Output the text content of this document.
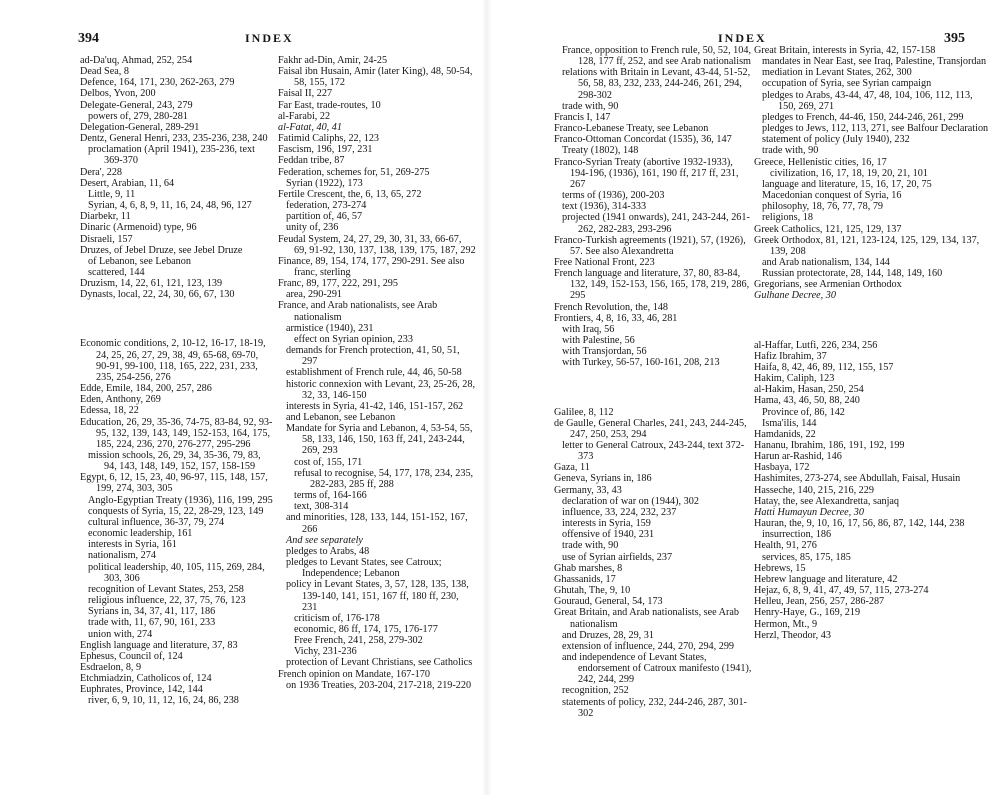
394	INDEX
ad-Da'uq, Ahmad, 252, 254
Dead Sea, 8
Defence, 164, 171, 230, 262-263, 279
Delbos, Yvon, 200
Delegate-General, 243, 279
powers of, 279, 280-281
Delegation-General, 289-291
Dentz, General Henri, 233, 235-236, 238, 240
proclamation (April 1941), 235-236, text 369-370
Dera', 228
Desert, Arabian, 11, 64
Little, 9, 11
Syrian, 4, 6, 8, 9, 11, 16, 24, 48, 96, 127
Diarbekr, 11
Dinaric (Armenoid) type, 96
Disraeli, 157
Druzes, of Jebel Druze, see Jebel Druze
of Lebanon, see Lebanon
scattered, 144
Druzism, 14, 22, 61, 121, 123, 139
Dynasts, local, 22, 24, 30, 66, 67, 130
Economic conditions, 2, 10-12, 16-17, 18-19, 24, 25, 26, 27, 29, 38, 49, 65-68, 69-70, 90-91, 99-100, 118, 165, 222, 231, 233, 235, 254-256, 276
Edde, Emile, 184, 200, 257, 286
Eden, Anthony, 269
Edessa, 18, 22
Education, 26, 29, 35-36, 74-75, 83-84, 92, 93-95, 132, 139, 143, 149, 152-153, 164, 175, 185, 224, 236, 270, 276-277, 295-296
mission schools, 26, 29, 34, 35-36, 79, 83, 94, 143, 148, 149, 152, 157, 158-159
Egypt, 6, 12, 15, 23, 40, 96-97, 115, 148, 157, 199, 274, 303, 305
Anglo-Egyptian Treaty (1936), 116, 199, 295
conquests of Syria, 15, 22, 28-29, 123, 149
cultural influence, 36-37, 79, 274
economic leadership, 161
interests in Syria, 161
nationalism, 274
political leadership, 40, 105, 115, 269, 284, 303, 306
recognition of Levant States, 253, 258
religious influence, 22, 37, 75, 76, 123
Syrians in, 34, 37, 41, 117, 186
trade with, 11, 67, 90, 161, 233
union with, 274
English language and literature, 37, 83
Ephesus, Council of, 124
Esdraelon, 8, 9
Etchmiadzin, Catholicos of, 124
Euphrates, Province, 142, 144
river, 6, 9, 10, 11, 12, 16, 24, 86, 238
Fakhr ad-Din, Amir, 24-25
Faisal ibn Husain, Amir (later King), 48, 50-54, 58, 155, 172
Faisal II, 227
Far East, trade-routes, 10
al-Farabi, 22
al-Fatat, 40, 41
Fatimid Caliphs, 22, 123
Fascism, 196, 197, 231
Feddan tribe, 87
Federation, schemes for, 51, 269-275
Syrian (1922), 173
Fertile Crescent, the, 6, 13, 65, 272
federation, 273-274
partition of, 46, 57
unity of, 236
Feudal System, 24, 27, 29, 30, 31, 33, 66-67, 69, 91-92, 130, 137, 138, 139, 175, 187, 292
Finance, 89, 154, 174, 177, 290-291. See also franc, sterling
Franc, 89, 177, 222, 291, 295
area, 290-291
France, and Arab nationalists, see Arab nationalism
armistice (1940), 231
effect on Syrian opinion, 233
demands for French protection, 41, 50, 51, 297
establishment of French rule, 44, 46, 50-58
historic connexion with Levant, 23, 25-26, 28, 32, 33, 146-150
interests in Syria, 41-42, 146, 151-157, 262
and Lebanon, see Lebanon
Mandate for Syria and Lebanon, 4, 53-54, 55, 58, 133, 146, 150, 163 ff, 241, 243-244, 269, 293
cost of, 155, 171
refusal to recognise, 54, 177, 178, 234, 235, 282-283, 285 ff, 288
terms of, 164-166
text, 308-314
and minorities, 128, 133, 144, 151-152, 167, 266
And see separately
pledges to Arabs, 48
pledges to Levant States, see Catroux; Independence; Lebanon
policy in Levant States, 3, 57, 128, 135, 138, 139-140, 141, 151, 167 ff, 180 ff, 230, 231
criticism of, 176-178
economic, 86 ff, 174, 175, 176-177
Free French, 241, 258, 279-302
Vichy, 231-236
protection of Levant Christians, see Catholics
French opinion on Mandate, 167-170
on 1936 Treaties, 203-204, 217-218, 219-220
INDEX	395
France, opposition to French rule, 50, 52, 104, 128, 177 ff, 252, and see Arab nationalism
relations with Britain in Levant, 43-44, 51-52, 56, 58, 83, 232, 233, 244-246, 261, 294, 298-302
trade with, 90
Francis I, 147
Franco-Lebanese Treaty, see Lebanon
Franco-Ottoman Concordat (1535), 36, 147
Treaty (1802), 148
Franco-Syrian Treaty (abortive 1932-1933), 194-196, (1936), 161, 190 ff, 217 ff, 231, 267
terms of (1936), 200-203
text (1936), 314-333
projected (1941 onwards), 241, 243-244, 261-262, 282-283, 293-296
Franco-Turkish agreements (1921), 57, (1926), 57. See also Alexandretta
Free National Front, 223
French language and literature, 37, 80, 83-84, 132, 149, 152-153, 156, 165, 178, 219, 286, 295
French Revolution, the, 148
Frontiers, 4, 8, 16, 33, 46, 281
with Iraq, 56
with Palestine, 56
with Transjordan, 56
with Turkey, 56-57, 160-161, 208, 213
Galilee, 8, 112
de Gaulle, General Charles, 241, 243, 244-245, 247, 250, 253, 294
letter to General Catroux, 243-244, text 372-373
Gaza, 11
Geneva, Syrians in, 186
Germany, 33, 43
declaration of war on (1944), 302
influence, 33, 224, 232, 237
interests in Syria, 159
offensive of 1940, 231
trade with, 90
use of Syrian airfields, 237
Ghab marshes, 8
Ghassanids, 17
Ghutah, The, 9, 10
Gouraud, General, 54, 173
Great Britain, and Arab nationalists, see Arab nationalism
and Druzes, 28, 29, 31
extension of influence, 244, 270, 294, 299
and independence of Levant States, endorsement of Catroux manifesto (1941), 242, 244, 299
recognition, 252
statements of policy, 232, 244-246, 287, 301-302
Great Britain, interests in Syria, 42, 157-158
mandates in Near East, see Iraq, Palestine, Transjordan
mediation in Levant States, 262, 300
occupation of Syria, see Syrian campaign
pledges to Arabs, 43-44, 47, 48, 104, 106, 112, 113, 150, 269, 271
pledges to French, 44-46, 150, 244-246, 261, 299
pledges to Jews, 112, 113, 271, see Balfour Declaration
statement of policy (July 1940), 232
trade with, 90
Greece, Hellenistic cities, 16, 17
civilization, 16, 17, 18, 19, 20, 21, 101
language and literature, 15, 16, 17, 20, 75
Macedonian conquest of Syria, 16
philosophy, 18, 76, 77, 78, 79
religions, 18
Greek Catholics, 121, 125, 129, 137
Greek Orthodox, 81, 121, 123-124, 125, 129, 134, 137, 139, 208
and Arab nationalism, 134, 144
Russian protectorate, 28, 144, 148, 149, 160
Gregorians, see Armenian Orthodox
Gulhane Decree, 30
al-Haffar, Lutfi, 226, 234, 256
Hafiz Ibrahim, 37
Haifa, 8, 42, 46, 89, 112, 155, 157
Hakim, Caliph, 123
al-Hakim, Hasan, 250, 254
Hama, 43, 46, 50, 88, 240
Province of, 86, 142
Isma'ilis, 144
Hamdanids, 22
Hananu, Ibrahim, 186, 191, 192, 199
Harun ar-Rashid, 146
Hasbaya, 172
Hashimites, 273-274, see Abdullah, Faisal, Husain
Hasseche, 140, 215, 216, 229
Hatay, the, see Alexandretta, sanjaq
Hatti Humayun Decree, 30
Hauran, the, 9, 10, 16, 17, 56, 86, 87, 142, 144, 238
insurrection, 186
Health, 91, 276
services, 85, 175, 185
Hebrews, 15
Hebrew language and literature, 42
Hejaz, 6, 8, 9, 41, 47, 49, 57, 115, 273-274
Helleu, Jean, 256, 257, 286-287
Henry-Haye, G., 169, 219
Hermon, Mt., 9
Herzl, Theodor, 43
